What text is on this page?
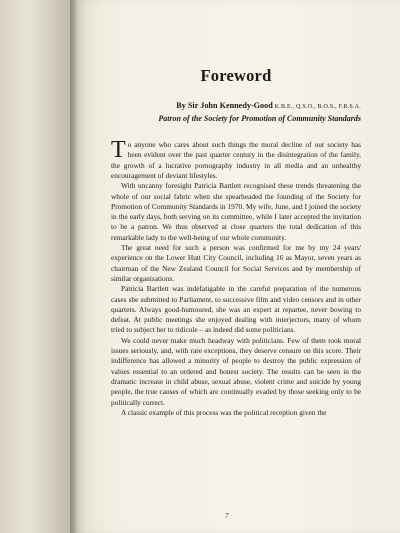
Foreword
By Sir John Kennedy-Good K.B.E., Q.S.O., B.O.S., F.R.S.A.
Patron of the Society for Promotion of Community Standards

To anyone who cares about such things the moral decline of our society has been evident over the past quarter century in the disintegration of the family, the growth of a lucrative pornography industry in all media and an unhealthy encouragement of deviant lifestyles.

With uncanny foresight Patricia Bartlett recognised these trends threatening the whole of our social fabric when she spearheaded the founding of the Society for Promotion of Community Standards in 1970. My wife, June, and I joined the society in the early days, both serving on its committee, while I later accepted the invitation to be a patron. We thus observed at close quarters the total dedication of this remarkable lady to the well-being of our whole community.

The great need for such a person was confirmed for me by my 24 years' experience on the Lower Hutt City Council, including 16 as Mayor, seven years as chairman of the New Zealand Council for Social Services and by membership of similar organisations.

Patricia Bartlett was indefatigable in the careful preparation of the numerous cases she submitted to Parliament, to successive film and video censors and in other quarters. Always good-humoured, she was an expert at repartee, never bowing to defeat. At public meetings she enjoyed dealing with interjectors, many of whom tried to subject her to ridicule – as indeed did some politicians.

We could never make much headway with politicians. Few of them took moral issues seriously, and, with rare exceptions, they deserve censure on this score. Their indifference has allowed a minority of people to destroy the public expression of values essential to an ordered and honest society. The results can be seen in the dramatic increase in child abuse, sexual abuse, violent crime and suicide by young people, the true causes of which are continually evaded by those seeking only to be politically correct.

A classic example of this process was the political reception given the

7
